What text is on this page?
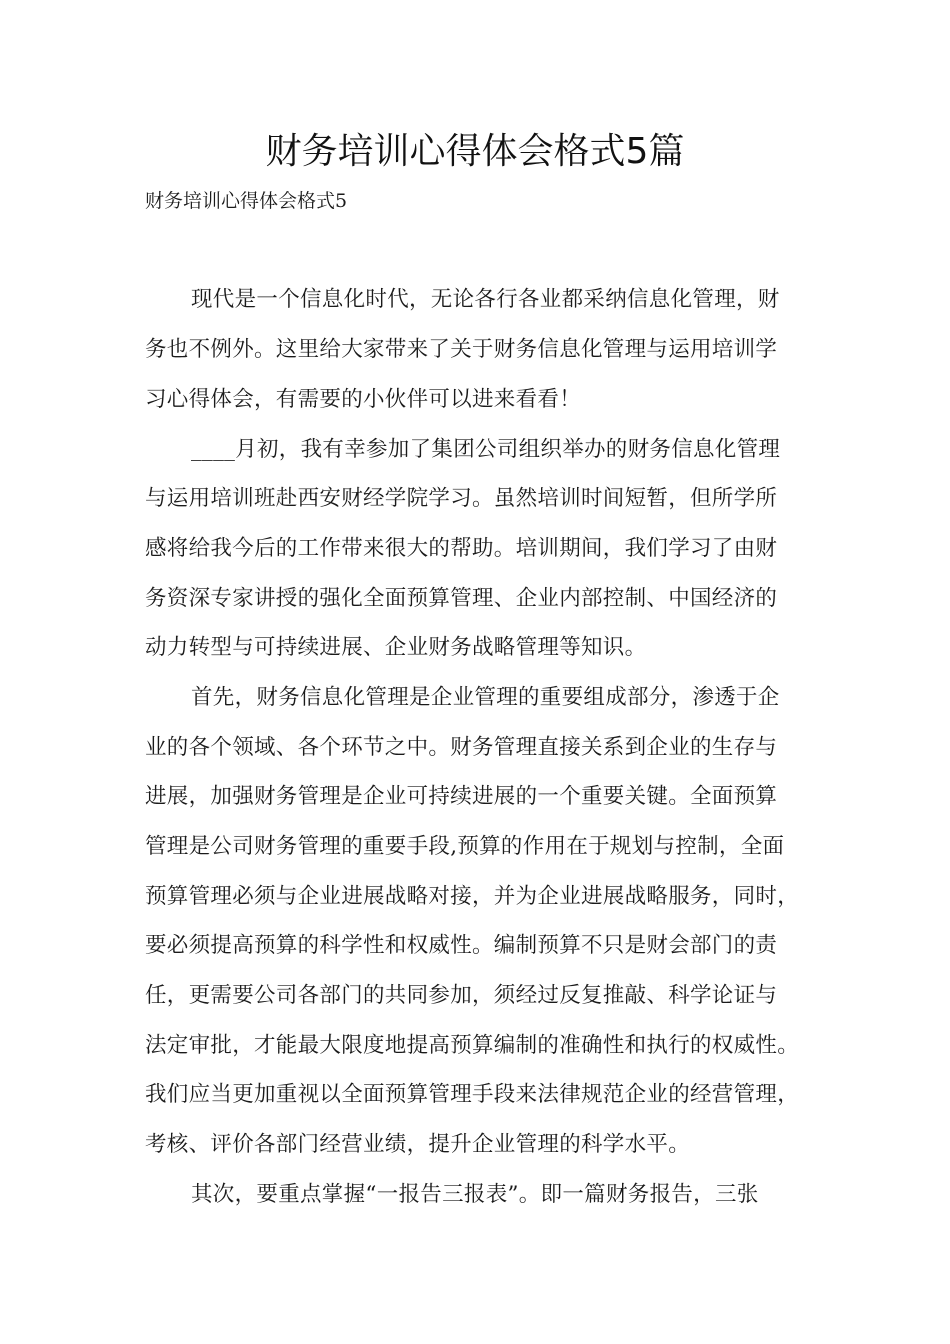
财务培训心得体会格式5篇
财务培训心得体会格式5
现代是一个信息化时代，无论各行各业都采纳信息化管理，财
务也不例外。这里给大家带来了关于财务信息化管理与运用培训学
习心得体会，有需要的小伙伴可以进来看看！
____月初，我有幸参加了集团公司组织举办的财务信息化管理
与运用培训班赴西安财经学院学习。虽然培训时间短暂，但所学所
感将给我今后的工作带来很大的帮助。培训期间，我们学习了由财
务资深专家讲授的强化全面预算管理、企业内部控制、中国经济的
动力转型与可持续进展、企业财务战略管理等知识。
首先，财务信息化管理是企业管理的重要组成部分，渗透于企
业的各个领域、各个环节之中。财务管理直接关系到企业的生存与
进展，加强财务管理是企业可持续进展的一个重要关键。全面预算
管理是公司财务管理的重要手段,预算的作用在于规划与控制，全面
预算管理必须与企业进展战略对接，并为企业进展战略服务，同时，
要必须提高预算的科学性和权威性。编制预算不只是财会部门的责
任，更需要公司各部门的共同参加，须经过反复推敲、科学论证与
法定审批，才能最大限度地提高预算编制的准确性和执行的权威性。
我们应当更加重视以全面预算管理手段来法律规范企业的经营管理，
考核、评价各部门经营业绩，提升企业管理的科学水平。
其次，要重点掌握“一报告三报表”。即一篇财务报告，三张
